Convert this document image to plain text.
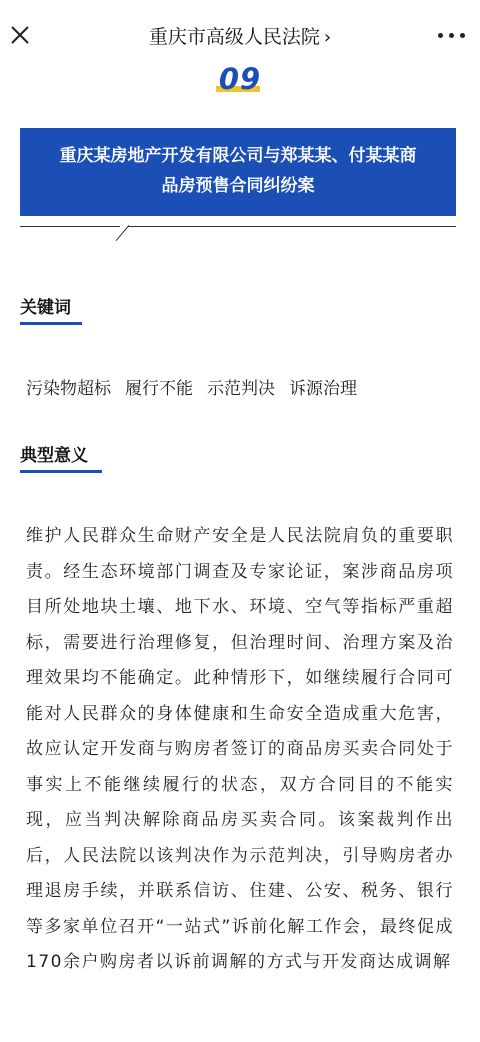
重庆市高级人民法院 ›
09
重庆某房地产开发有限公司与郑某某、付某某商
品房预售合同纠纷案
关键词
污染物超标 履行不能 示范判决 诉源治理
典型意义
维护人民群众生命财产安全是人民法院肩负的重要职责。经生态环境部门调查及专家论证，案涉商品房项目所处地块土壤、地下水、环境、空气等指标严重超标，需要进行治理修复，但治理时间、治理方案及治理效果均不能确定。此种情形下，如继续履行合同可能对人民群众的身体健康和生命安全造成重大危害，故应认定开发商与购房者签订的商品房买卖合同处于事实上不能继续履行的状态，双方合同目的不能实现，应当判决解除商品房买卖合同。该案裁判作出后，人民法院以该判决作为示范判决，引导购房者办理退房手续，并联系信访、住建、公安、税务、银行等多家单位召开“一站式”诉前化解工作会，最终促成170余户购房者以诉前调解的方式与开发商达成调解
